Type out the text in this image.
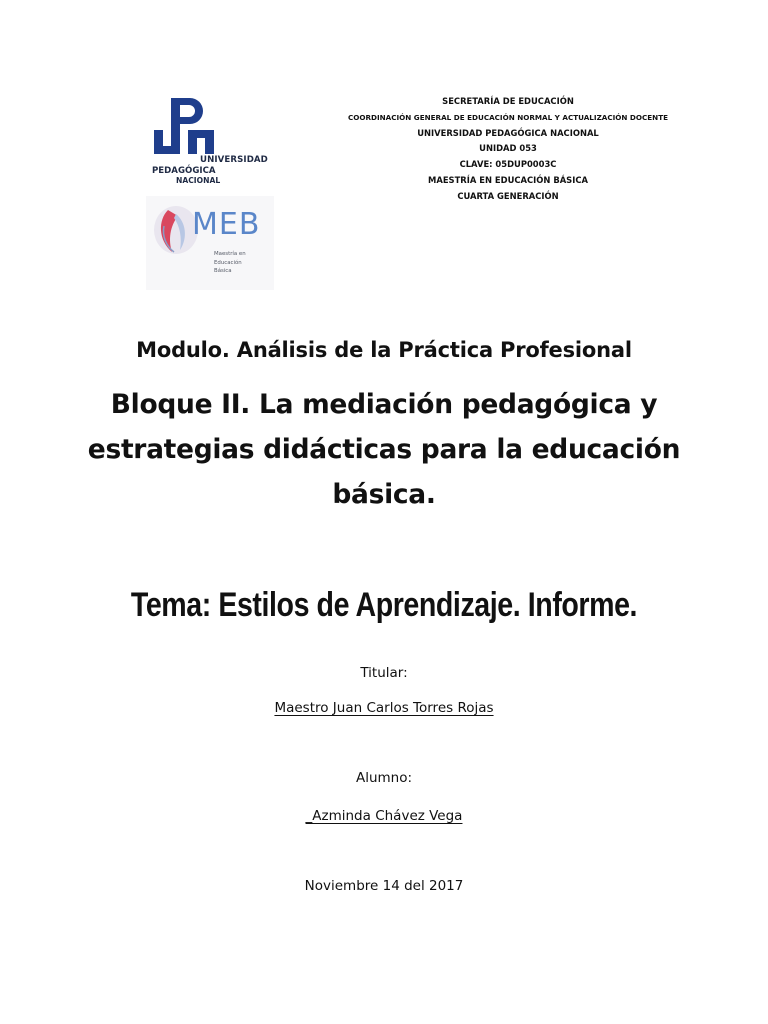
UNIVERSIDAD
PEDAGÓGICA
NACIONAL
MEB
Maestría en
Educación
Básica
SECRETARÍA DE EDUCACIÓN
COORDINACIÓN GENERAL DE EDUCACIÓN NORMAL Y ACTUALIZACIÓN DOCENTE
UNIVERSIDAD PEDAGÓGICA NACIONAL
UNIDAD 053
CLAVE: 05DUP0003C
MAESTRÍA EN EDUCACIÓN BÁSICA
CUARTA GENERACIÓN
Modulo. Análisis de la Práctica Profesional
Bloque II. La mediación pedagógica y estrategias didácticas para la educación básica.
Tema: Estilos de Aprendizaje. Informe.
Titular:
Maestro Juan Carlos Torres Rojas
Alumno:
_Azminda Chávez Vega
Noviembre 14 del 2017
